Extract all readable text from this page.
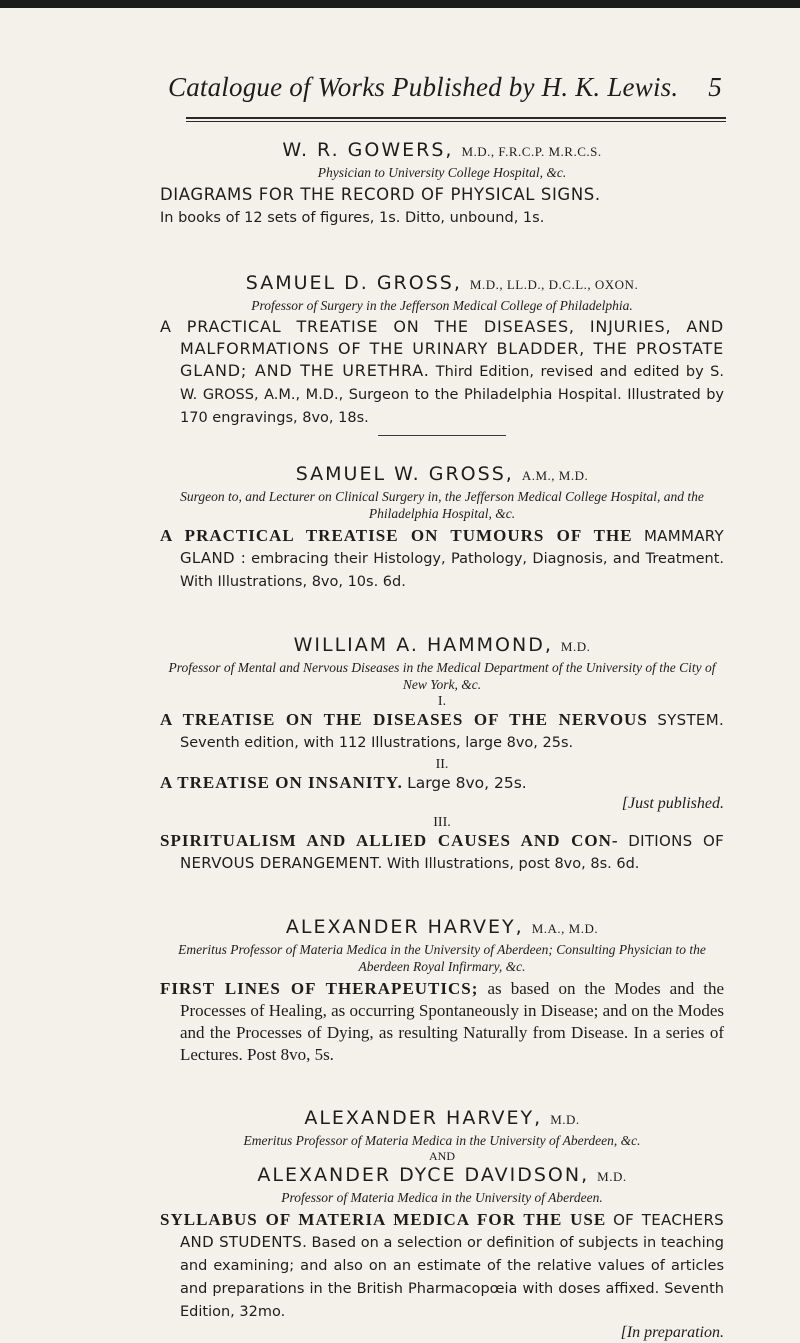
Catalogue of Works Published by H. K. Lewis. 5

W. R. GOWERS, M.D., F.R.C.P. M.R.C.S.

Physician to University College Hospital, &c.

DIAGRAMS FOR THE RECORD OF PHYSICAL SIGNS.
In books of 12 sets of figures, 1s. Ditto, unbound, 1s.

SAMUEL D. GROSS, M.D., LL.D., D.C.L., OXON.

Professor of Surgery in the Jefferson Medical College of Philadelphia.

A PRACTICAL TREATISE ON THE DISEASES, INJURIES, AND MALFORMATIONS OF THE URINARY BLADDER, THE PROSTATE GLAND; AND THE URETHRA. Third Edition, revised and edited by S. W. GROSS, A.M., M.D., Surgeon to the Philadelphia Hospital. Illustrated by 170 engravings, 8vo, 18s.

SAMUEL W. GROSS, A.M., M.D.

Surgeon to, and Lecturer on Clinical Surgery in, the Jefferson Medical College Hospital, and the Philadelphia Hospital, &c.

A PRACTICAL TREATISE ON TUMOURS OF THE MAMMARY GLAND : embracing their Histology, Pathology, Diagnosis, and Treatment. With Illustrations, 8vo, 10s. 6d.

WILLIAM A. HAMMOND, M.D.

Professor of Mental and Nervous Diseases in the Medical Department of the University of the City of New York, &c.

I.

A TREATISE ON THE DISEASES OF THE NERVOUS SYSTEM. Seventh edition, with 112 Illustrations, large 8vo, 25s.

II.

A TREATISE ON INSANITY. Large 8vo, 25s.

[Just published.

III.

SPIRITUALISM AND ALLIED CAUSES AND CON- DITIONS OF NERVOUS DERANGEMENT. With Illustrations, post 8vo, 8s. 6d.

ALEXANDER HARVEY, M.A., M.D.

Emeritus Professor of Materia Medica in the University of Aberdeen; Consulting Physician to the Aberdeen Royal Infirmary, &c.

FIRST LINES OF THERAPEUTICS; as based on the Modes and the Processes of Healing, as occurring Spontaneously in Disease; and on the Modes and the Processes of Dying, as resulting Naturally from Disease. In a series of Lectures. Post 8vo, 5s.

ALEXANDER HARVEY, M.D.

Emeritus Professor of Materia Medica in the University of Aberdeen, &c.

AND

ALEXANDER DYCE DAVIDSON, M.D.

Professor of Materia Medica in the University of Aberdeen.

SYLLABUS OF MATERIA MEDICA FOR THE USE OF TEACHERS AND STUDENTS. Based on a selection or definition of subjects in teaching and examining; and also on an estimate of the relative values of articles and preparations in the British Pharmacopœia with doses affixed. Seventh Edition, 32mo.

[In preparation.
